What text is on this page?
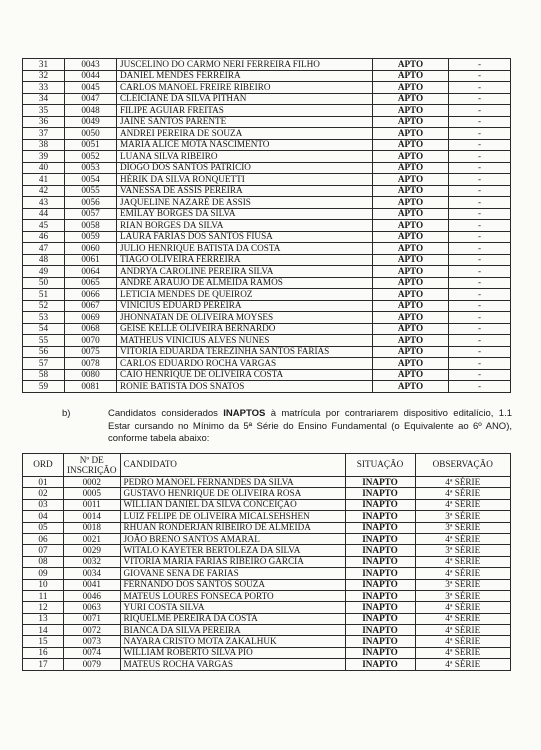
31	0043	JUSCELINO DO CARMO NERI FERREIRA FILHO	APTO	-
32	0044	DANIEL MENDES FERREIRA	APTO	-
33	0045	CARLOS MANOEL FREIRE RIBEIRO	APTO	-
34	0047	CLEICIANE DA SILVA PITHAN	APTO	-
35	0048	FILIPE AGUIAR FREITAS	APTO	-
36	0049	JAINE SANTOS PARENTE	APTO	-
37	0050	ANDREI PEREIRA DE SOUZA	APTO	-
38	0051	MARIA ALICE MOTA NASCIMENTO	APTO	-
39	0052	LUANA SILVA RIBEIRO	APTO	-
40	0053	DIOGO DOS SANTOS PATRÍCIO	APTO	-
41	0054	HÉRIK DA SILVA RONQUETTI	APTO	-
42	0055	VANESSA DE ASSIS PEREIRA	APTO	-
43	0056	JAQUELINE NAZARÉ DE ASSIS	APTO	-
44	0057	EMILAY BORGES DA SILVA	APTO	-
45	0058	RIAN BORGES DA SILVA	APTO	-
46	0059	LAURA FARIAS DOS SANTOS FIUSA	APTO	-
47	0060	JULIO HENRIQUE BATISTA DA COSTA	APTO	-
48	0061	TIAGO OLIVEIRA FERREIRA	APTO	-
49	0064	ANDRYA CAROLINE PEREIRA SILVA	APTO	-
50	0065	ANDRÉ ARAÚJO DE ALMEIDA RAMOS	APTO	-
51	0066	LETICIA MENDES DE QUEIROZ	APTO	-
52	0067	VINÍCIUS EDUARD PEREIRA	APTO	-
53	0069	JHONNATAN DE OLIVEIRA MOYSES	APTO	-
54	0068	GEISE KELLE OLIVEIRA BERNARDO	APTO	-
55	0070	MATHEUS VINICIUS ALVES NUNES	APTO	-
56	0075	VITÓRIA EDUARDA TEREZINHA SANTOS FARIAS	APTO	-
57	0078	CARLOS EDUARDO ROCHA VARGAS	APTO	-
58	0080	CAIO HENRIQUE DE OLIVEIRA COSTA	APTO	-
59	0081	RONIE BATISTA DOS SNATOS	APTO	-
b)	Candidatos considerados INAPTOS à matrícula por contrariarem dispositivo editalício, 1.1 Estar cursando no Mínimo da 5ª Série do Ensino Fundamental (o Equivalente ao 6º ANO), conforme tabela abaixo:
ORD	Nº DE INSCRIÇÃO	CANDIDATO	SITUAÇÃO	OBSERVAÇÃO
01	0002	PEDRO MANOEL FERNANDES DA SILVA	INAPTO	4ª SÉRIE
02	0005	GUSTAVO HENRIQUE DE OLIVEIRA ROSA	INAPTO	4ª SÉRIE
03	0011	WILLIAN DANIEL DA SILVA CONCEIÇÃO	INAPTO	4ª SÉRIE
04	0014	LUIZ FELIPE DE OLIVEIRA MICALSEHSHEN	INAPTO	3ª SÉRIE
05	0018	RHUAN RONDERJAN RIBEIRO DE ALMEIDA	INAPTO	3ª SÉRIE
06	0021	JOÃO BRENO SANTOS AMARAL	INAPTO	4ª SÉRIE
07	0029	WITALO KAYETER BERTOLEZA DA SILVA	INAPTO	3ª SÉRIE
08	0032	VITORIA MARIA FARIAS RIBEIRO GARCIA	INAPTO	4ª SÉRIE
09	0034	GIOVANE SENA DE FARIAS	INAPTO	4ª SÉRIE
10	0041	FERNANDO DOS SANTOS SOUZA	INAPTO	3ª SÉRIE
11	0046	MATEUS LOURES FONSECA PORTO	INAPTO	3ª SÉRIE
12	0063	YURI COSTA SILVA	INAPTO	4ª SÉRIE
13	0071	RIQUELME PEREIRA DA COSTA	INAPTO	4ª SÉRIE
14	0072	BIANCA DA SILVA PEREIRA	INAPTO	4ª SÉRIE
15	0073	NAYARA CRISTO MOTA ZAKALHUK	INAPTO	4ª SÉRIE
16	0074	WILLIAM ROBERTO SILVA PIO	INAPTO	4ª SÉRIE
17	0079	MATEUS ROCHA VARGAS	INAPTO	4ª SÉRIE
